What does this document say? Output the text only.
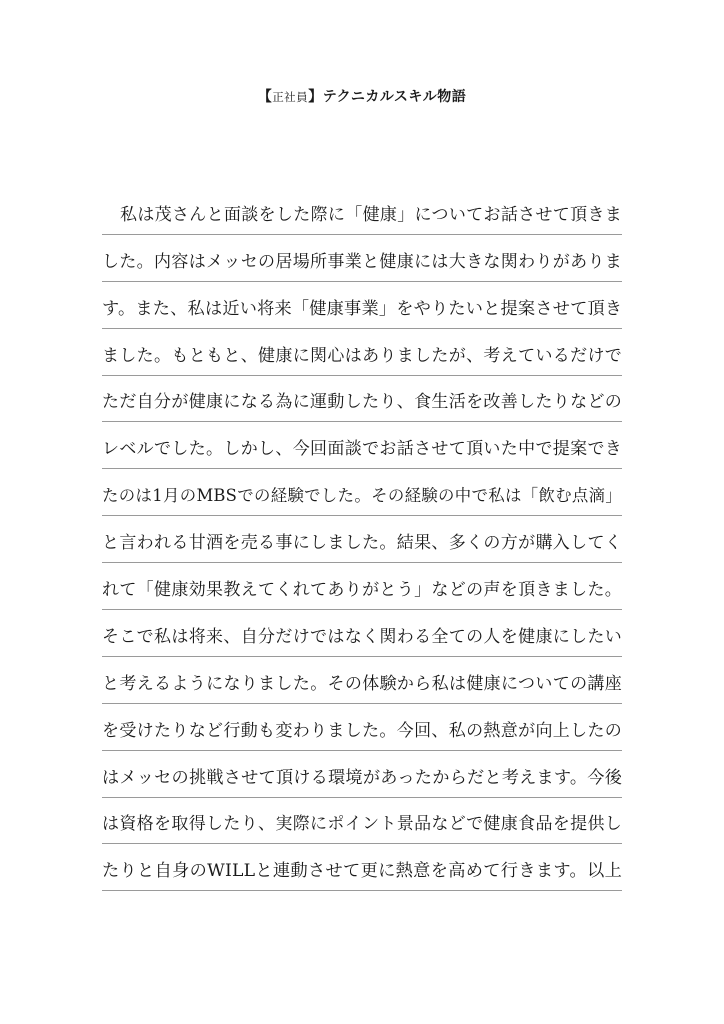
【正社員】テクニカルスキル物語
私は茂さんと面談をした際に「健康」についてお話させて頂きま
した。内容はメッセの居場所事業と健康には大きな関わりがありま
す。また、私は近い将来「健康事業」をやりたいと提案させて頂き
ました。もともと、健康に関心はありましたが、考えているだけで
ただ自分が健康になる為に運動したり、食生活を改善したりなどの
レベルでした。しかし、今回面談でお話させて頂いた中で提案でき
たのは1月のMBSでの経験でした。その経験の中で私は「飲む点滴」
と言われる甘酒を売る事にしました。結果、多くの方が購入してく
れて「健康効果教えてくれてありがとう」などの声を頂きました。
そこで私は将来、自分だけではなく関わる全ての人を健康にしたい
と考えるようになりました。その体験から私は健康についての講座
を受けたりなど行動も変わりました。今回、私の熱意が向上したの
はメッセの挑戦させて頂ける環境があったからだと考えます。今後
は資格を取得したり、実際にポイント景品などで健康食品を提供し
たりと自身のWILLと連動させて更に熱意を高めて行きます。以上
